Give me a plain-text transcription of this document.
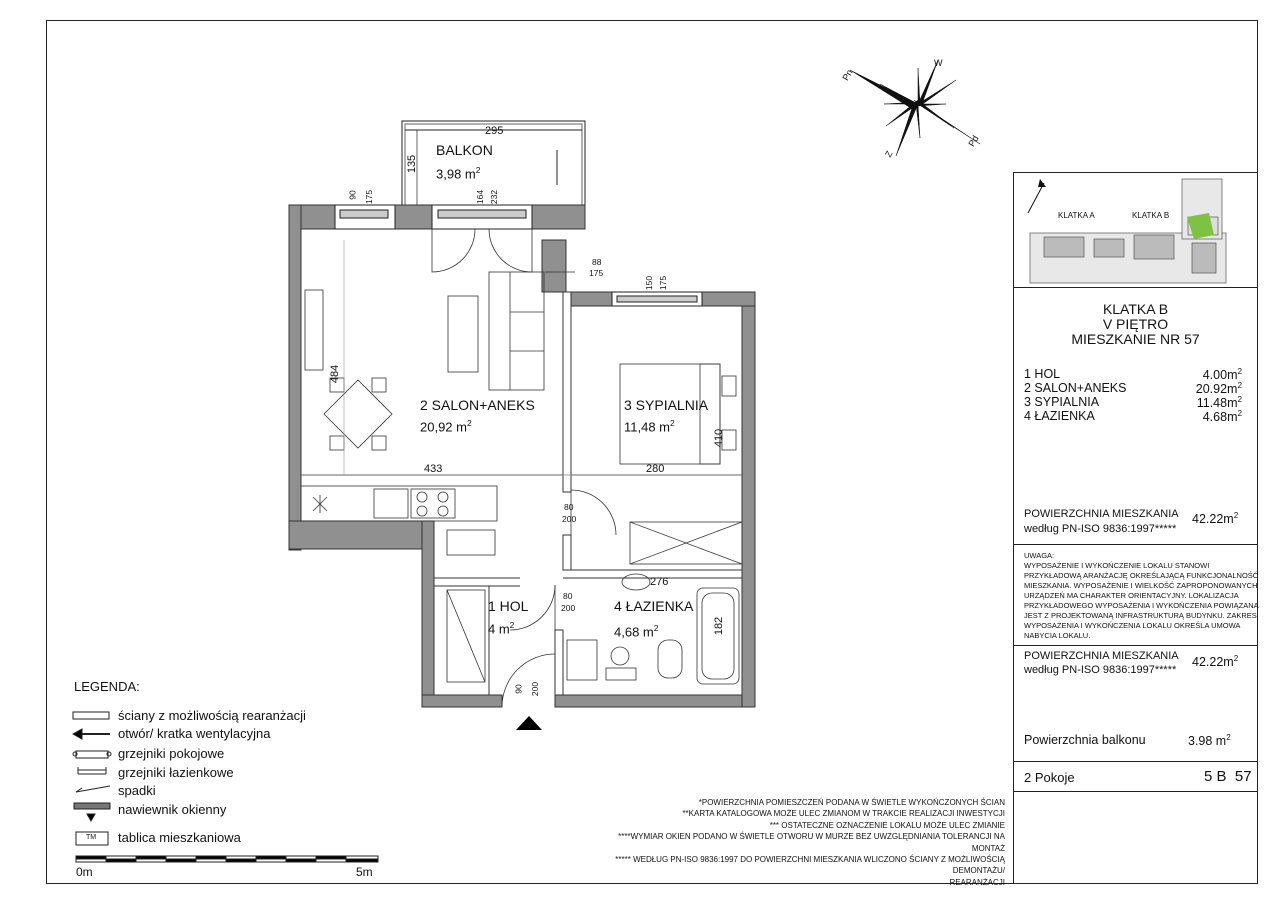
Pn
W
Z
Pd
BALKON
3,98 $m^2$
2 SALON+ANEKS
20,92 $m^2$
3 SYPIALNIA
11,48 $m^2$
1 HOL
4 $m^2$
4 ŁAZIENKA
4,68 $m^2$
295
135
90 175	164 232
88
175
150 175
484
433	280
410
80
200
80
200
276
182
90 200
KLATKA A	KLATKA B
KLATKA B
V PIĘTRO
MIESZKANIE NR 57
1 HOL	$4.00m^2$
2 SALON+ANEKS	$20.92m^2$
3 SYPIALNIA	$11.48m^2$
4 ŁAZIENKA	$4.68m^2$
POWIERZCHNIA MIESZKANIA
według PN-ISO 9836:1997*****
$42.22m^2$
UWAGA:
WYPOSAŻENIE I WYKOŃCZENIE LOKALU STANOWI
PRZYKŁADOWĄ ARANŻACJĘ OKREŚLAJĄCĄ FUNKCJONALNOŚĆ
MIESZKANIA. WYPOSAŻENIE I WIELKOŚĆ ZAPROPONOWANYCH
URZĄDZEŃ MA CHARAKTER ORIENTACYJNY. LOKALIZACJA
PRZYKŁADOWEGO WYPOSAŻENIA I WYKOŃCZENIA POWIĄZANA
JEST Z PROJEKTOWANĄ INFRASTRUKTURĄ BUDYNKU. ZAKRES
WYPOSAŻENIA I WYKOŃCZENIA LOKALU OKREŚLA UMOWA
NABYCIA LOKALU.
POWIERZCHNIA MIESZKANIA
według PN-ISO 9836:1997*****
$42.22m^2$
Powierzchnia balkonu	3.98 $m^2$
2 Pokoje	5 B  57
LEGENDA:
ściany z możliwością rearanżacji
otwór/ kratka wentylacyjna
grzejniki pokojowe
grzejniki łazienkowe
spadki
nawiewnik okienny
tablica mieszkaniowa
TM
0m	5m
*POWIERZCHNIA POMIESZCZEŃ PODANA W ŚWIETLE WYKOŃCZONYCH ŚCIAN
**KARTA KATALOGOWA MOŻE ULEC ZMIANOM W TRAKCIE REALIZACJI INWESTYCJI
*** OSTATECZNE OZNACZENIE LOKALU MOŻE ULEC ZMIANIE
****WYMIAR OKIEN PODANO W ŚWIETLE OTWORU W MURZE BEZ UWZGLĘDNIANIA TOLERANCJI NA MONTAŻ
***** WEDŁUG PN-ISO 9836:1997 DO POWIERZCHNI MIESZKANIA WLICZONO ŚCIANY Z MOŻLIWOŚCIĄ DEMONTAŻU/
REARANŻACJI
